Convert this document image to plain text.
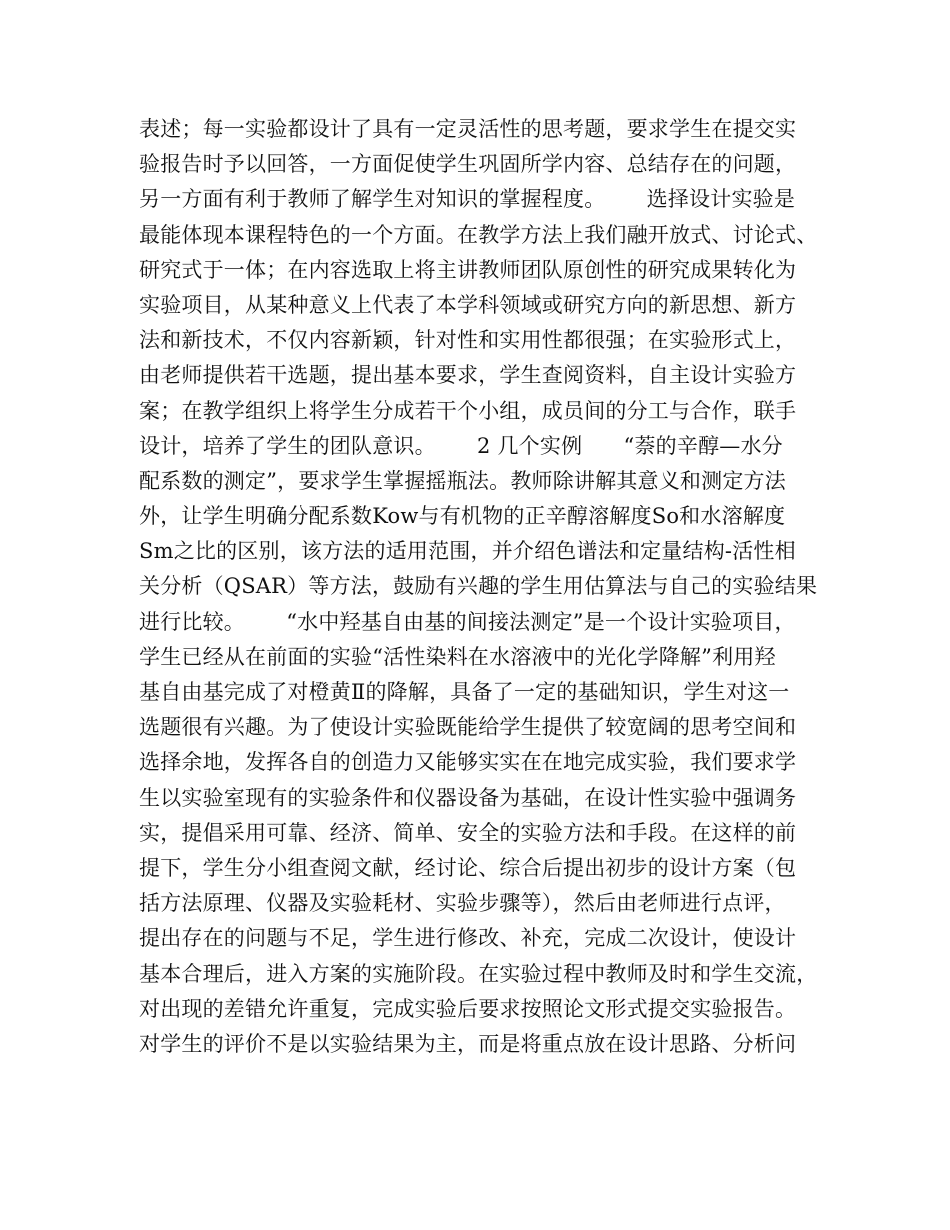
表述；每一实验都设计了具有一定灵活性的思考题，要求学生在提交实
验报告时予以回答，一方面促使学生巩固所学内容、总结存在的问题，
另一方面有利于教师了解学生对知识的掌握程度。      选择设计实验是
最能体现本课程特色的一个方面。在教学方法上我们融开放式、讨论式、
研究式于一体；在内容选取上将主讲教师团队原创性的研究成果转化为
实验项目，从某种意义上代表了本学科领域或研究方向的新思想、新方
法和新技术，不仅内容新颖，针对性和实用性都很强；在实验形式上，
由老师提供若干选题，提出基本要求，学生查阅资料，自主设计实验方
案；在教学组织上将学生分成若干个小组，成员间的分工与合作，联手
设计，培养了学生的团队意识。      2 几个实例      “萘的辛醇—水分
配系数的测定”，要求学生掌握摇瓶法。教师除讲解其意义和测定方法
外，让学生明确分配系数Kow与有机物的正辛醇溶解度So和水溶解度
Sm之比的区别，该方法的适用范围，并介绍色谱法和定量结构-活性相
关分析（QSAR）等方法，鼓励有兴趣的学生用估算法与自己的实验结果
进行比较。      “水中羟基自由基的间接法测定”是一个设计实验项目，
学生已经从在前面的实验“活性染料在水溶液中的光化学降解”利用羟
基自由基完成了对橙黄Ⅱ的降解，具备了一定的基础知识，学生对这一
选题很有兴趣。为了使设计实验既能给学生提供了较宽阔的思考空间和
选择余地，发挥各自的创造力又能够实实在在地完成实验，我们要求学
生以实验室现有的实验条件和仪器设备为基础，在设计性实验中强调务
实，提倡采用可靠、经济、简单、安全的实验方法和手段。在这样的前
提下，学生分小组查阅文献，经讨论、综合后提出初步的设计方案（包
括方法原理、仪器及实验耗材、实验步骤等），然后由老师进行点评，
提出存在的问题与不足，学生进行修改、补充，完成二次设计，使设计
基本合理后，进入方案的实施阶段。在实验过程中教师及时和学生交流，
对出现的差错允许重复，完成实验后要求按照论文形式提交实验报告。
对学生的评价不是以实验结果为主，而是将重点放在设计思路、分析问
